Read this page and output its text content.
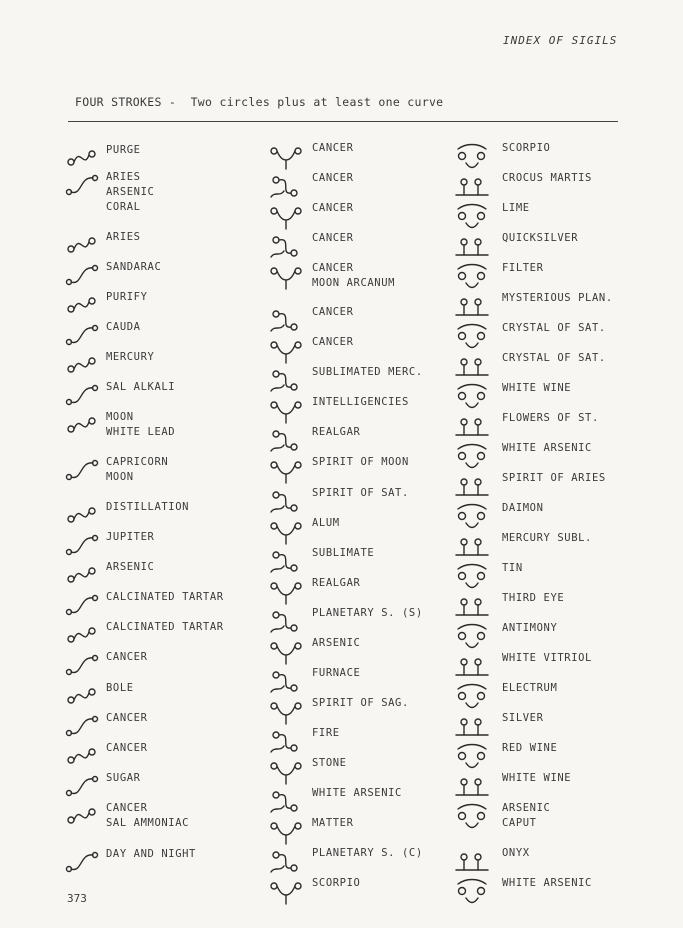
INDEX OF SIGILS
FOUR STROKES -  Two circles plus at least one curve
PURGE
ARIES
ARSENIC
CORAL
ARIES
SANDARAC
PURIFY
CAUDA
MERCURY
SAL ALKALI
MOON
WHITE LEAD
CAPRICORN
MOON
DISTILLATION
JUPITER
ARSENIC
CALCINATED TARTAR
CALCINATED TARTAR
CANCER
BOLE
CANCER
CANCER
SUGAR
CANCER
SAL AMMONIAC
DAY AND NIGHT
CANCER
CANCER
CANCER
CANCER
CANCER
MOON ARCANUM
CANCER
CANCER
SUBLIMATED MERC.
INTELLIGENCIES
REALGAR
SPIRIT OF MOON
SPIRIT OF SAT.
ALUM
SUBLIMATE
REALGAR
PLANETARY S. (S)
ARSENIC
FURNACE
SPIRIT OF SAG.
FIRE
STONE
WHITE ARSENIC
MATTER
PLANETARY S. (C)
SCORPIO
SCORPIO
CROCUS MARTIS
LIME
QUICKSILVER
FILTER
MYSTERIOUS PLAN.
CRYSTAL OF SAT.
CRYSTAL OF SAT.
WHITE WINE
FLOWERS OF ST.
WHITE ARSENIC
SPIRIT OF ARIES
DAIMON
MERCURY SUBL.
TIN
THIRD EYE
ANTIMONY
WHITE VITRIOL
ELECTRUM
SILVER
RED WINE
WHITE WINE
ARSENIC
CAPUT
ONYX
WHITE ARSENIC
373
